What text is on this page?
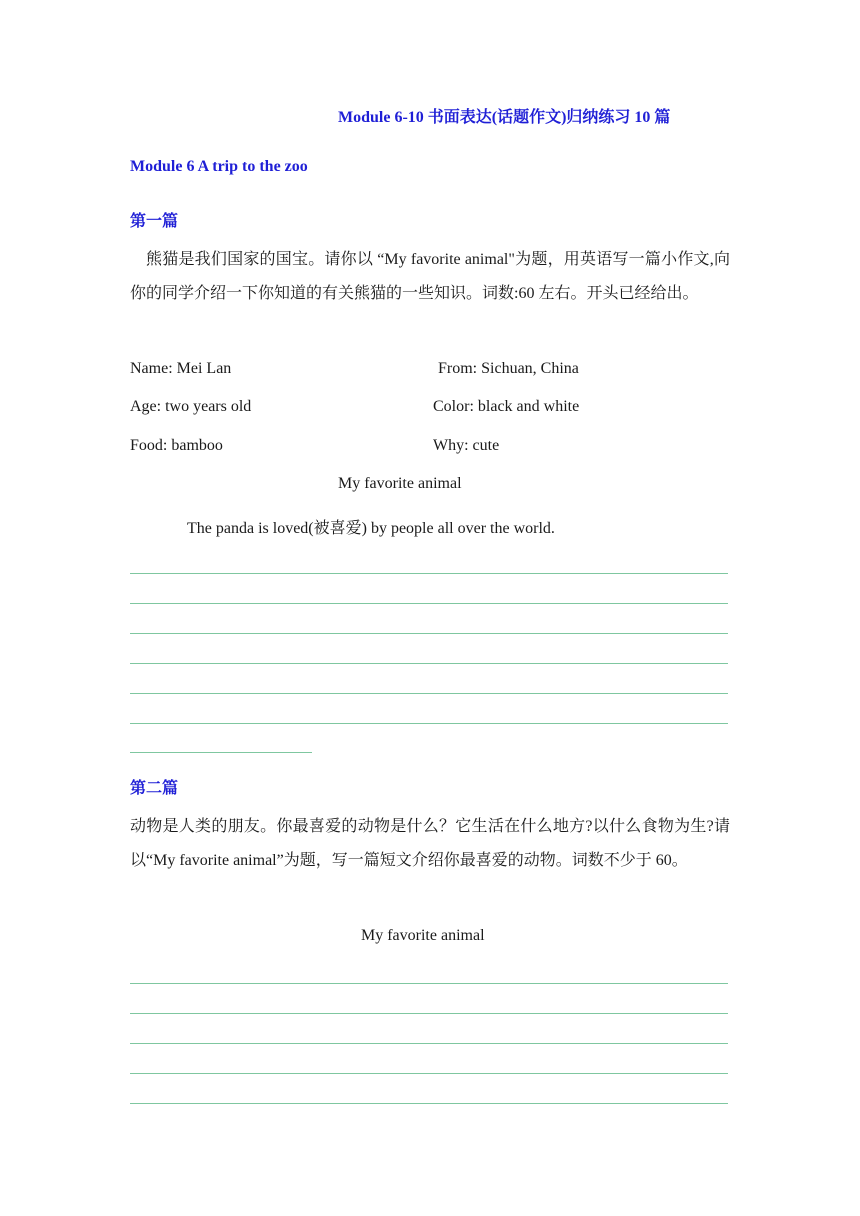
Module 6-10 书面表达(话题作文)归纳练习 10 篇
Module 6 A trip to the zoo
第一篇
熊猫是我们国家的国宝。请你以 “My favorite animal"为题，用英语写一篇小作文,向你的同学介绍一下你知道的有关熊猫的一些知识。词数:60 左右。开头已经给出。
Name: Mei Lan	From: Sichuan, China
Age: two years old	Color: black and white
Food: bamboo	Why: cute
My favorite animal
The panda is loved(被喜爱) by people all over the world.
第二篇
动物是人类的朋友。你最喜爱的动物是什么？它生活在什么地方?以什么食物为生?请以“My favorite animal”为题，写一篇短文介绍你最喜爱的动物。词数不少于 60。
My favorite animal
